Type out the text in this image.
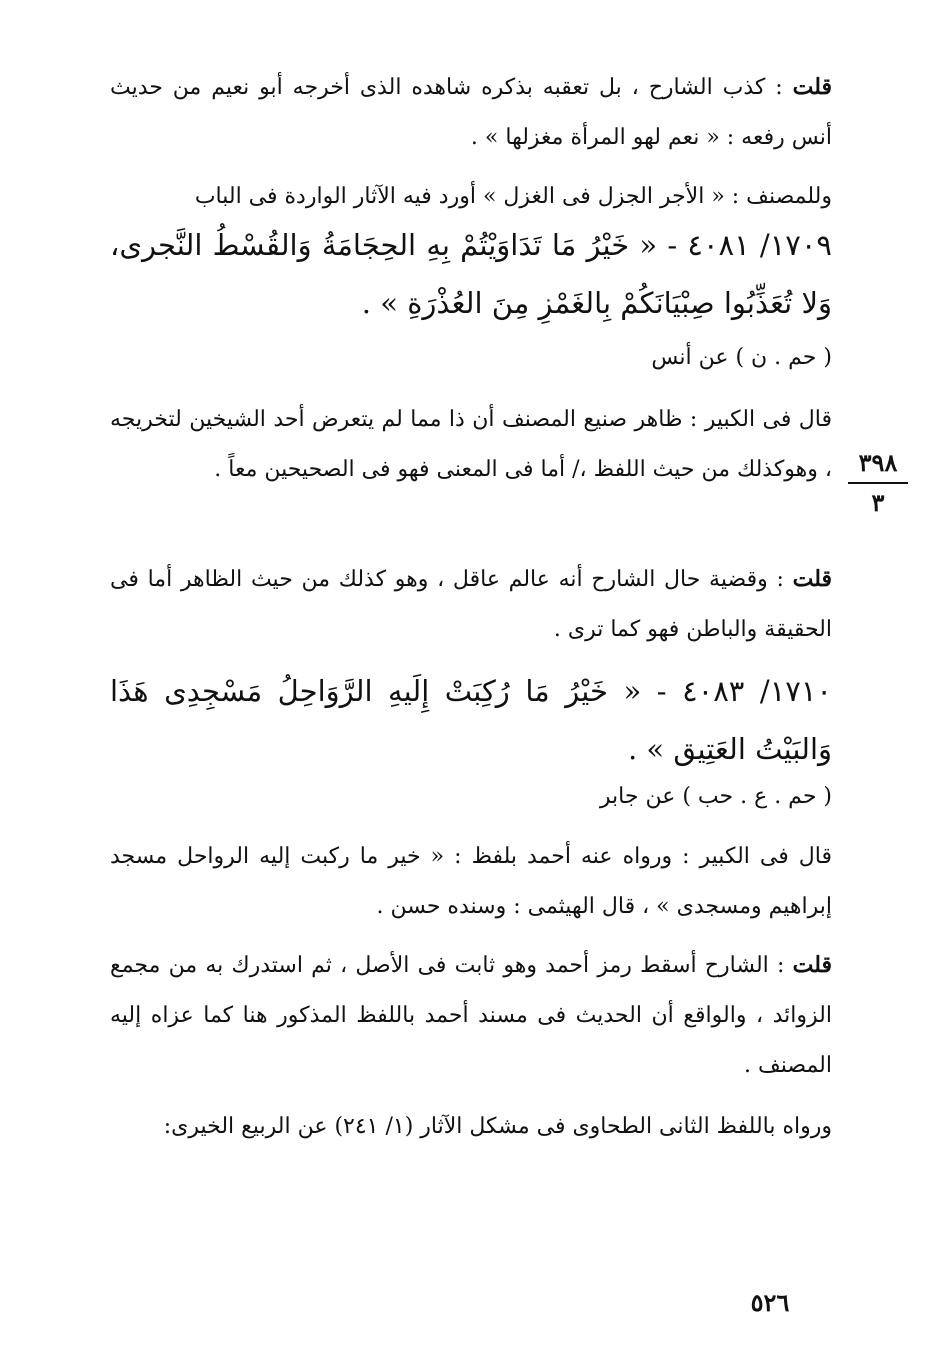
قلت : كذب الشارح ، بل تعقبه بذكره شاهده الذى أخرجه أبو نعيم من حديث أنس رفعه : « نعم لهو المرأة مغزلها » .
وللمصنف : « الأجر الجزل فى الغزل » أورد فيه الآثار الواردة فى الباب
١٧٠٩/ ٤٠٨١ - « خَيْرُ مَا تَدَاوَيْتُمْ بِهِ الحِجَامَةُ وَالقُسْطُ النَّجرى، وَلا تُعَذِّبُوا صِبْيَانَكُمْ بِالغَمْزِ مِنَ العُذْرَةِ » .
( حم . ن ) عن أنس
قال فى الكبير : ظاهر صنيع المصنف أن ذا مما لم يتعرض أحد الشيخين لتخريجه ، وهوكذلك من حيث اللفظ ،/ أما فى المعنى فهو فى الصحيحين معاً .
قلت : وقضية حال الشارح أنه عالم عاقل ، وهو كذلك من حيث الظاهر أما فى الحقيقة والباطن فهو كما ترى .
١٧١٠/ ٤٠٨٣ - « خَيْرُ مَا رُكِبَتْ إِلَيهِ الرَّوَاحِلُ مَسْجِدِى هَذَا وَالبَيْتُ العَتِيق » .
( حم . ع . حب ) عن جابر
قال فى الكبير : ورواه عنه أحمد بلفظ : « خير ما ركبت إليه الرواحل مسجد إبراهيم ومسجدى » ، قال الهيثمى : وسنده حسن .
قلت : الشارح أسقط رمز أحمد وهو ثابت فى الأصل ، ثم استدرك به من مجمع الزوائد ، والواقع أن الحديث فى مسند أحمد باللفظ المذكور هنا كما عزاه إليه المصنف .
ورواه باللفظ الثانى الطحاوى فى مشكل الآثار (١/ ٢٤١) عن الربيع الخيرى:
٣٩٨
٣
٥٢٦
